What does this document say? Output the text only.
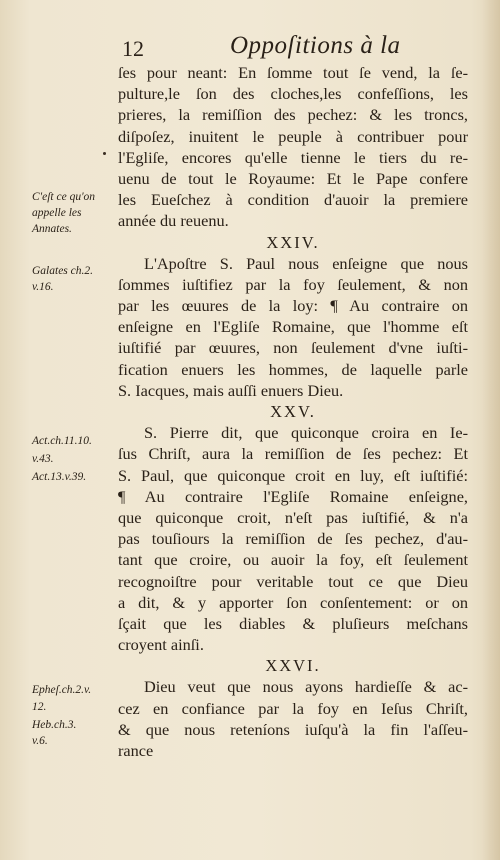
12	Oppoſitions à la
C'eſt ce qu'on
appelle les
Annates.
Galates ch.2.
v.16.
Act.ch.11.10.
v.43.
Act.13.v.39.
Epheſ.ch.2.v.
12.
Heb.ch.3.
v.6.
ſes pour neant: En ſomme tout ſe vend, la ſe-
pulture,le ſon des cloches,les confeſſions, les
prieres, la remiſſion des pechez: & les troncs,
diſpoſez, inuitent le peuple à contribuer pour
l'Egliſe, encores qu'elle tienne le tiers du re-
uenu de tout le Royaume: Et le Pape confere
les Eueſchez à condition d'auoir la premiere
année du reuenu.
XXIV.
L'Apoſtre S. Paul nous enſeigne que nous
ſommes iuſtifiez par la foy ſeulement, & non
par les œuures de la loy: ¶ Au contraire on
enſeigne en l'Egliſe Romaine, que l'homme eſt
iuſtifié par œuures, non ſeulement d'vne iuſti-
fication enuers les hommes, de laquelle parle
S. Iacques, mais auſſi enuers Dieu.
XXV.
S. Pierre dit, que quiconque croira en Ie-
ſus Chriſt, aura la remiſſion de ſes pechez: Et
S. Paul, que quiconque croit en luy, eſt iuſtifié:
¶ Au contraire l'Egliſe Romaine enſeigne,
que quiconque croit, n'eſt pas iuſtifié, & n'a
pas touſiours la remiſſion de ſes pechez, d'au-
tant que croire, ou auoir la foy, eſt ſeulement
recognoiſtre pour veritable tout ce que Dieu
a dit, & y apporter ſon conſentement: or on
ſçait que les diables & pluſieurs meſchans
croyent ainſi.
XXVI.
Dieu veut que nous ayons hardieſſe & ac-
cez en confiance par la foy en Ieſus Chriſt,
& que nous reteníons iuſqu'à la fin l'aſſeu-
rance
